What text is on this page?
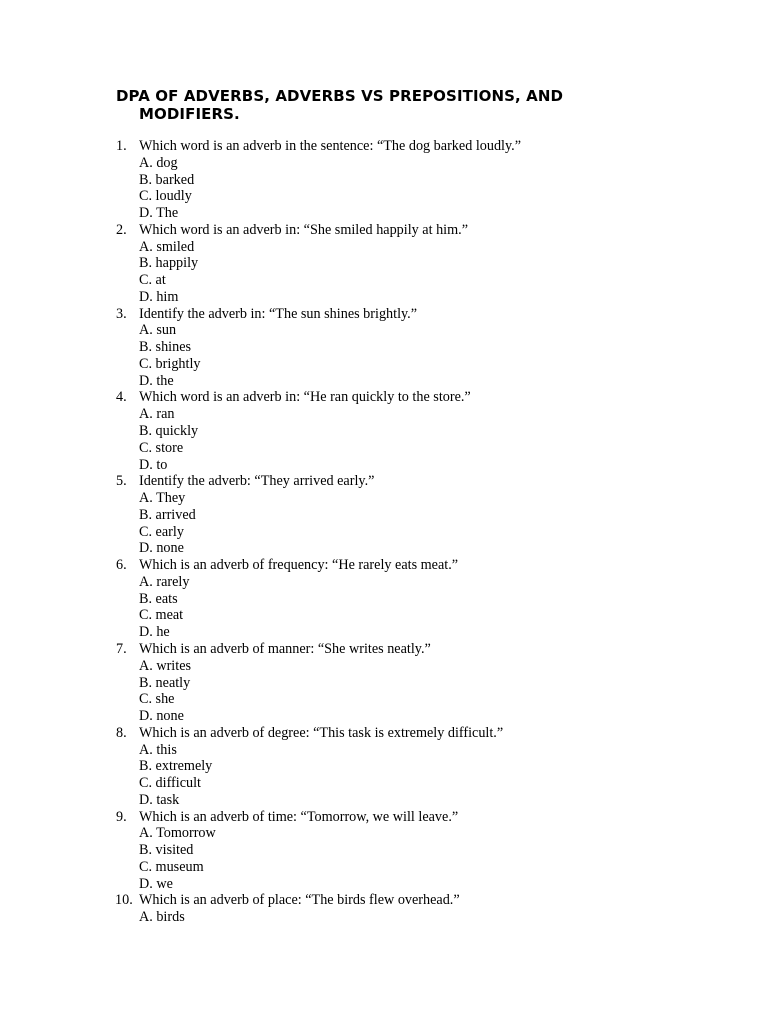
DPA OF ADVERBS, ADVERBS VS PREPOSITIONS, AND
MODIFIERS.
1. Which word is an adverb in the sentence: “The dog barked loudly.”
A. dog
B. barked
C. loudly
D. The
2. Which word is an adverb in: “She smiled happily at him.”
A. smiled
B. happily
C. at
D. him
3. Identify the adverb in: “The sun shines brightly.”
A. sun
B. shines
C. brightly
D. the
4. Which word is an adverb in: “He ran quickly to the store.”
A. ran
B. quickly
C. store
D. to
5. Identify the adverb: “They arrived early.”
A. They
B. arrived
C. early
D. none
6. Which is an adverb of frequency: “He rarely eats meat.”
A. rarely
B. eats
C. meat
D. he
7. Which is an adverb of manner: “She writes neatly.”
A. writes
B. neatly
C. she
D. none
8. Which is an adverb of degree: “This task is extremely difficult.”
A. this
B. extremely
C. difficult
D. task
9. Which is an adverb of time: “Tomorrow, we will leave.”
A. Tomorrow
B. visited
C. museum
D. we
10. Which is an adverb of place: “The birds flew overhead.”
A. birds
